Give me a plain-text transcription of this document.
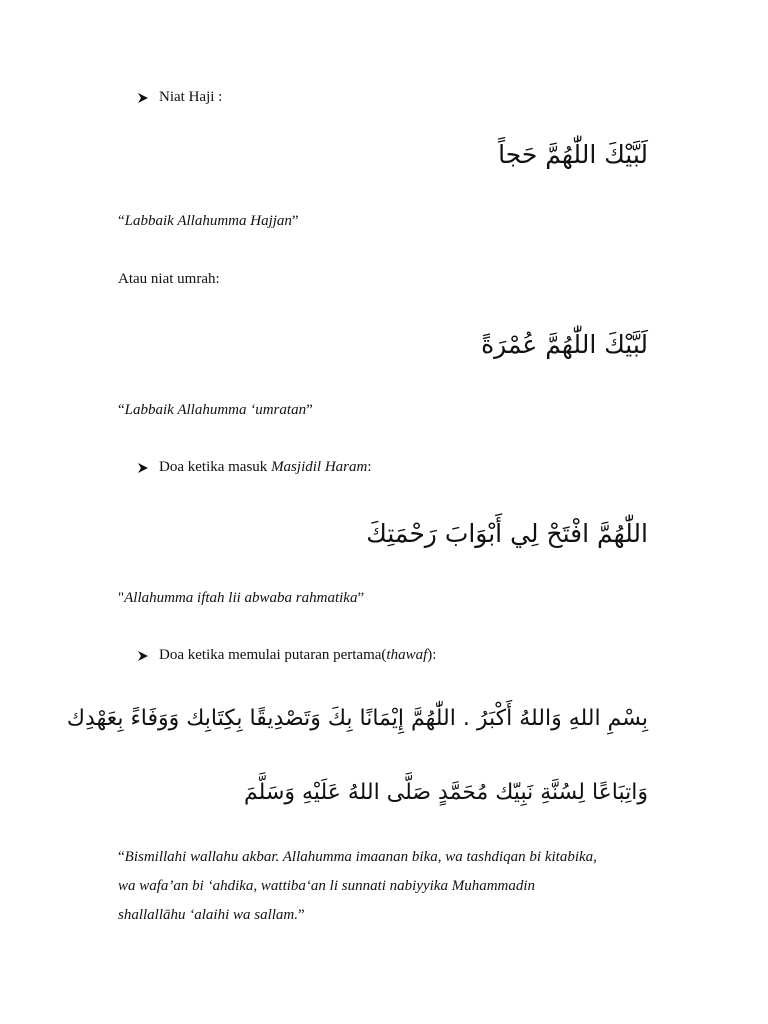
Niat Haji :
لَبَّيْكَ اللّٰهُمَّ حَجاً
“Labbaik Allahumma Hajjan”
Atau niat umrah:
لَبَّيْكَ اللّٰهُمَّ عُمْرَةً
“Labbaik Allahumma ‘umratan”
Doa ketika masuk Masjidil Haram:
اللّٰهُمَّ افْتَحْ لِي أَبْوَابَ رَحْمَتِكَ
"Allahumma iftah lii abwaba rahmatika”
Doa ketika memulai putaran pertama(thawaf):
بِسْمِ اللهِ وَاللهُ أَكْبَرُ . اللّٰهُمَّ إِيْمَانًا بِكَ وَتَصْدِيقًا بِكِتَابِك وَوَفَاءً بِعَهْدِك
وَاتِبَاعًا لِسُنَّةِ نَبِيّك مُحَمَّدٍ صَلَّى اللهُ عَلَيْهِ وَسَلَّمَ
“Bismillahi wallahu akbar. Allahumma imaanan bika, wa tashdiqan bi kitabika,
wa wafa’an bi ‘ahdika, wattiba‘an li sunnati nabiyyika Muhammadin
shallallāhu ‘alaihi wa sallam.”
